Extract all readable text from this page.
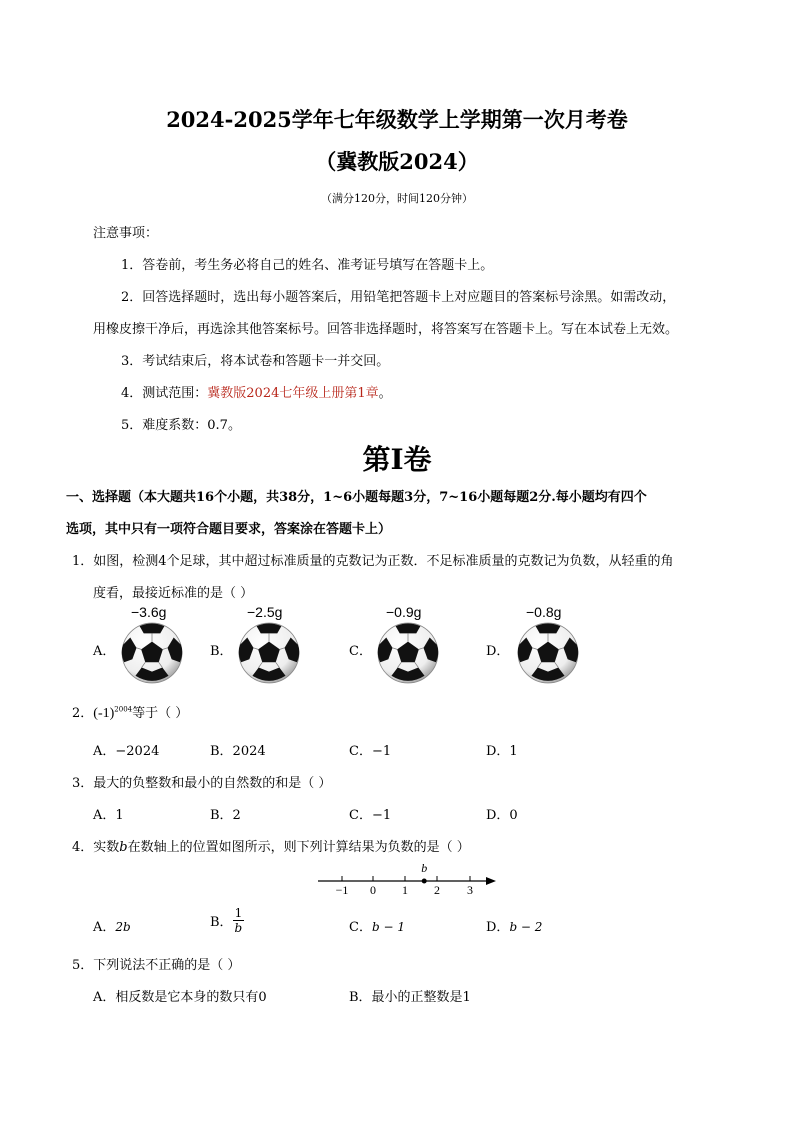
2024-2025学年七年级数学上学期第一次月考卷
（冀教版2024）
（满分120分，时间120分钟）
注意事项：
1．答卷前，考生务必将自己的姓名、准考证号填写在答题卡上。
2．回答选择题时，选出每小题答案后，用铅笔把答题卡上对应题目的答案标号涂黑。如需改动，
用橡皮擦干净后，再选涂其他答案标号。回答非选择题时，将答案写在答题卡上。写在本试卷上无效。
3．考试结束后，将本试卷和答题卡一并交回。
4．测试范围：冀教版2024七年级上册第1章。
5．难度系数：0.7。
第Ⅰ卷
一、选择题（本大题共16个小题，共38分，1~6小题每题3分，7~16小题每题2分.每小题均有四个
选项，其中只有一项符合题目要求，答案涂在答题卡上）
1．如图，检测4个足球，其中超过标准质量的克数记为正数．不足标准质量的克数记为负数，从轻重的角
度看，最接近标准的是（ ）
−3.6g
A．
−2.5g
B．
−0.9g
C．
−0.8g
D．
2．$(-1)^{2004}$等于（ ）
A．−2024	B．2024	C．−1	D．1
3．最大的负整数和最小的自然数的和是（ ）
A．1	B．2	C．−1	D．0
4．实数b在数轴上的位置如图所示，则下列计算结果为负数的是（ ）
−1 0 1 2 3
b
A．2b	B． $\frac{1}{b}$	C．b − 1	D．b − 2
5．下列说法不正确的是（ ）
A．相反数是它本身的数只有0	B．最小的正整数是1
